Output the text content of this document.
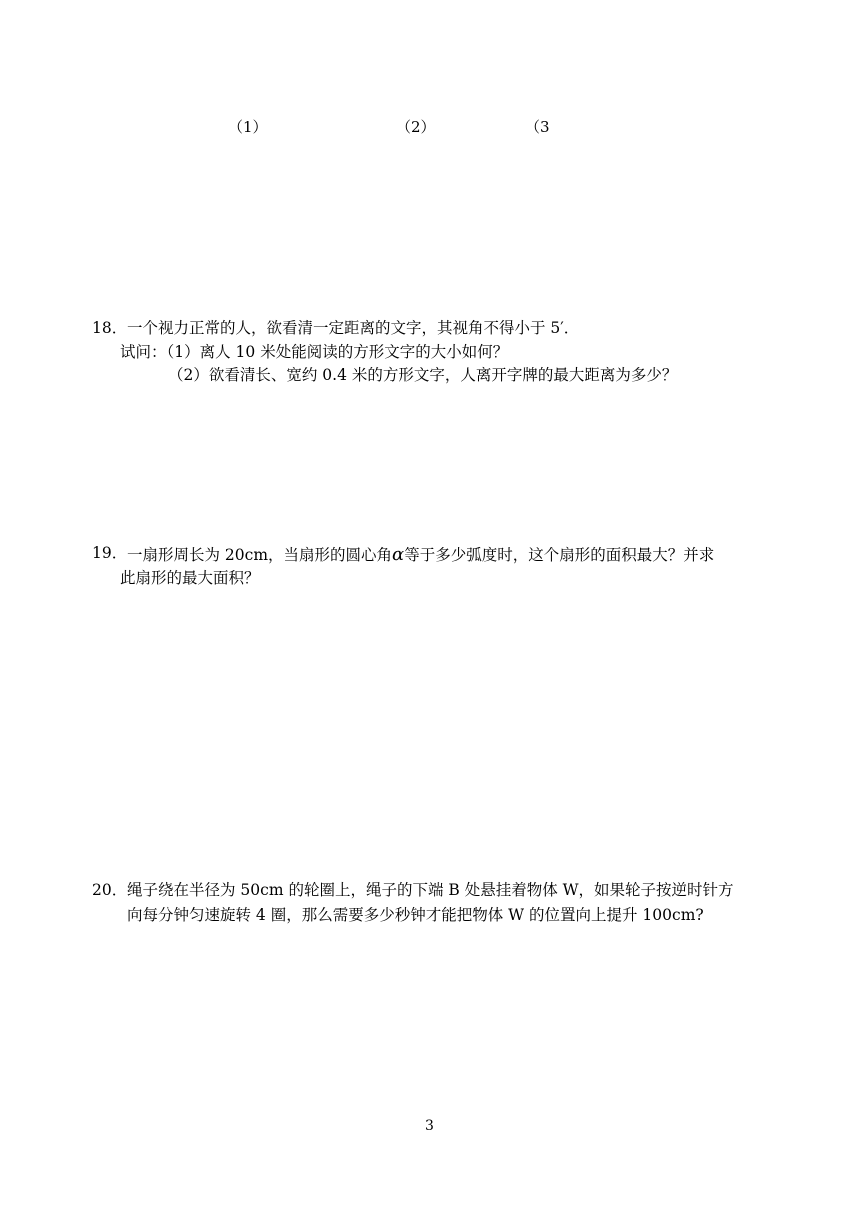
（1）	（2）	（3
18． 一个视力正常的人，欲看清一定距离的文字，其视角不得小于 5′．
试问：（1）离人 10 米处能阅读的方形文字的大小如何？
（2）欲看清长、宽约 0.4 米的方形文字，人离开字牌的最大距离为多少？
19． 一扇形周长为 20cm，当扇形的圆心角α等于多少弧度时，这个扇形的面积最大？并求
此扇形的最大面积？
20． 绳子绕在半径为 50cm 的轮圈上，绳子的下端 B 处悬挂着物体 W，如果轮子按逆时针方
向每分钟匀速旋转 4 圈，那么需要多少秒钟才能把物体 W 的位置向上提升 100cm?
3
